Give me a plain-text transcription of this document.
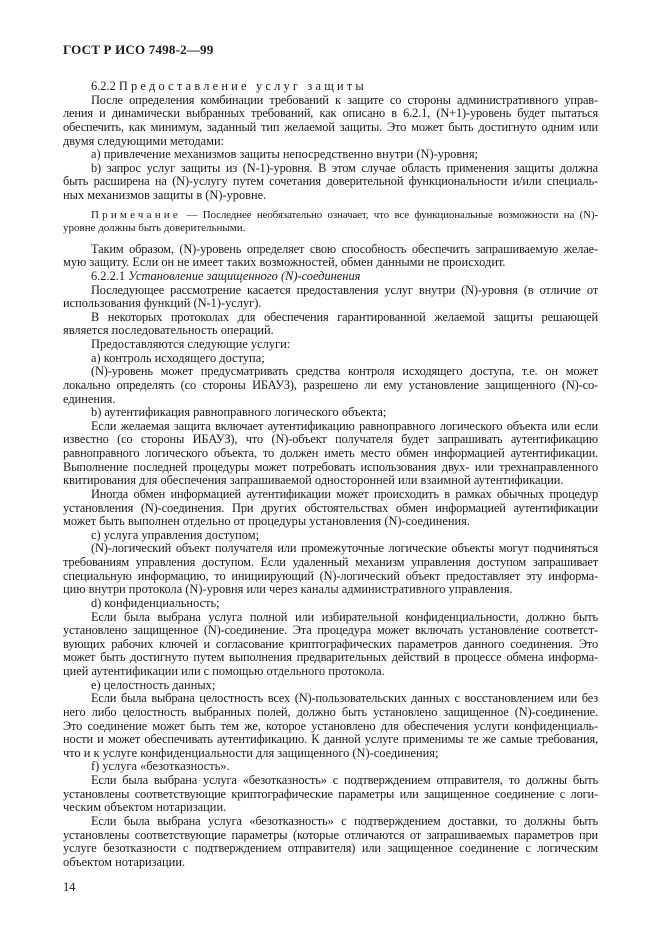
ГОСТ Р ИСО 7498-2—99
6.2.2 Предоставление услуг защиты
После определения комбинации требований к защите со стороны административного управ-
ления и динамически выбранных требований, как описано в 6.2.1, (N+1)-уровень будет пытаться
обеспечить, как минимум, заданный тип желаемой защиты. Это может быть достигнуто одним или
двумя следующими методами:
a) привлечение механизмов защиты непосредственно внутри (N)-уровня;
b) запрос услуг защиты из (N-1)-уровня. В этом случае область применения защиты должна
быть расширена на (N)-услугу путем сочетания доверительной функциональности и/или специаль-
ных механизмов защиты в (N)-уровне.
Примечание — Последнее необязательно означает, что все функциональные возможности на (N)-
уровне должны быть доверительными.
Таким образом, (N)-уровень определяет свою способность обеспечить запрашиваемую желае-
мую защиту. Если он не имеет таких возможностей, обмен данными не происходит.
6.2.2.1 Установление защищенного (N)-соединения
Последующее рассмотрение касается предоставления услуг внутри (N)-уровня (в отличие от
использования функций (N-1)-услуг).
В некоторых протоколах для обеспечения гарантированной желаемой защиты решающей
является последовательность операций.
Предоставляются следующие услуги:
a) контроль исходящего доступа;
(N)-уровень может предусматривать средства контроля исходящего доступа, т.е. он может
локально определять (со стороны ИБАУЗ), разрешено ли ему установление защищенного (N)-со-
единения.
b) аутентификация равноправного логического объекта;
Если желаемая защита включает аутентификацию равноправного логического объекта или если
известно (со стороны ИБАУЗ), что (N)-объект получателя будет запрашивать аутентификацию
равноправного логического объекта, то должен иметь место обмен информацией аутентификации.
Выполнение последней процедуры может потребовать использования двух- или трехнаправленного
квитирования для обеспечения запрашиваемой односторонней или взаимной аутентификации.
Иногда обмен информацией аутентификации может происходить в рамках обычных процедур
установления (N)-соединения. При других обстоятельствах обмен информацией аутентификации
может быть выполнен отдельно от процедуры установления (N)-соединения.
c) услуга управления доступом;
(N)-логический объект получателя или промежуточные логические объекты могут подчиняться
требованиям управления доступом. Если удаленный механизм управления доступом запрашивает
специальную информацию, то инициирующий (N)-логический объект предоставляет эту информа-
цию внутри протокола (N)-уровня или через каналы административного управления.
d) конфиденциальность;
Если была выбрана услуга полной или избирательной конфиденциальности, должно быть
установлено защищенное (N)-соединение. Эта процедура может включать установление соответст-
вующих рабочих ключей и согласование криптографических параметров данного соединения. Это
может быть достигнуто путем выполнения предварительных действий в процессе обмена информа-
цией аутентификации или с помощью отдельного протокола.
e) целостность данных;
Если была выбрана целостность всех (N)-пользовательских данных с восстановлением или без
него либо целостность выбранных полей, должно быть установлено защищенное (N)-соединение.
Это соединение может быть тем же, которое установлено для обеспечения услуги конфиденциаль-
ности и может обеспечивать аутентификацию. К данной услуге применимы те же самые требования,
что и к услуге конфиденциальности для защищенного (N)-соединения;
f) услуга «безотказность».
Если была выбрана услуга «безотказность» с подтверждением отправителя, то должны быть
установлены соответствующие криптографические параметры или защищенное соединение с логи-
ческим объектом нотаризации.
Если была выбрана услуга «безотказность» с подтверждением доставки, то должны быть
установлены соответствующие параметры (которые отличаются от запрашиваемых параметров при
услуге безотказности с подтверждением отправителя) или защищенное соединение с логическим
объектом нотаризации.
14
